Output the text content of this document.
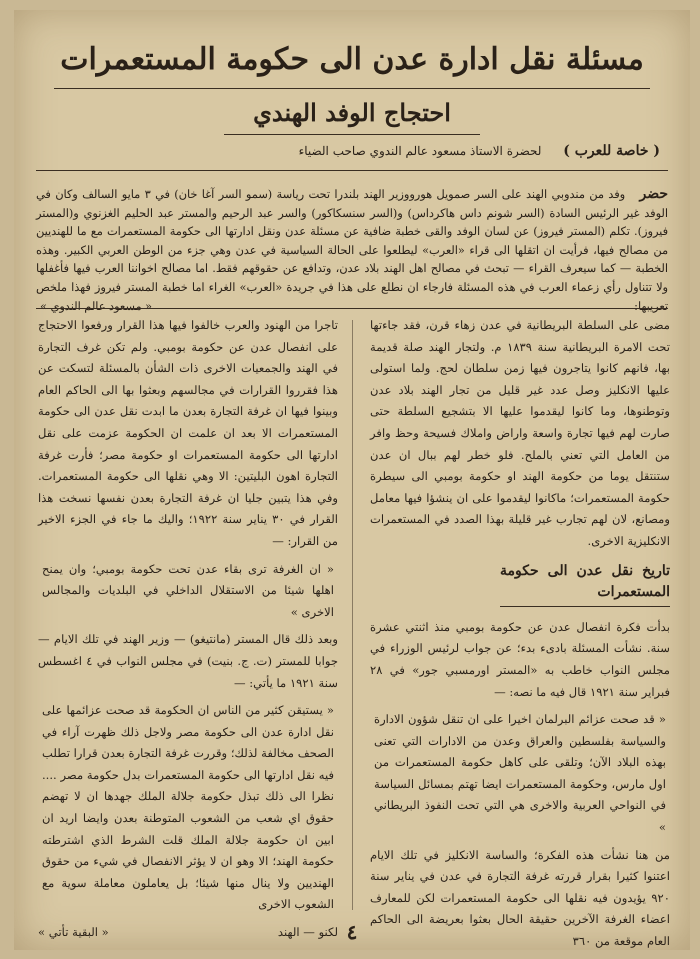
مسئلة نقل ادارة عدن الى حكومة المستعمرات
احتجاج الوفد الهندي
( خاصة للعرب ) لحضرة الاستاذ مسعود عالم الندوي صاحب الضياء
حضر وفد من مندوبي الهند على السر صمويل هورووزير الهند بلندرا تحت رياسة (سمو السر آغا خان) في ٣ مايو السالف وكان في الوفد غير الرئيس السادة (السر شونم داس هاكرداس) و(السر سنسكاكور) والسر عبد الرحيم والمستر عبد الحليم الغزنوي و(المستر فيروز). تكلم (المستر فيروز) عن لسان الوفد والقى خطبة ضافية عن مسئلة عدن ونقل ادارتها الى حكومة المستعمرات مع ما للهنديين من مصالح فيها، فرأيت ان اتقلها الى قراء «العرب» ليطلعوا على الحالة السياسية في عدن وهي جزء من الوطن العربي الكبير. وهذه الخطبة — كما سيعرف القراء — تبحث في مصالح اهل الهند بلاد عدن، وتدافع عن حقوقهم فقط. اما مصالح اخواننا العرب فيها فأغفلها ولا تتناول رأي زعماء العرب في هذه المسئلة فارجاء ان نطلع على هذا في جريدة «العرب» الغراء اما خطبة المستر فيروز فهذا ملخص تعريبها:
« مسعود عالم الندوي »

مضى على السلطة البريطانية في عدن زهاء قرن، فقد جاءتها تحت الامرة البريطانية سنة ١٨٣٩ م. ولتجار الهند صلة قديمة بها، فانهم كانوا يتاجرون فيها زمن سلطان لحج. ولما استولى عليها الانكليز وصل عدد غير قليل من تجار الهند بلاد عدن وتوطنوها، وما كانوا ليقدموا عليها الا بتشجيع السلطة حتى صارت لهم فيها تجارة واسعة واراض واملاك فسيحة وحظ وافر من العامل التي تعني بالملح. فلو خطر لهم ببال ان عدن ستنتقل يوما من حكومة الهند او حكومة بومبي الى سيطرة حكومة المستعمرات؛ ماكانوا ليقدموا على ان ينشؤا فيها معامل ومصانع، لان لهم تجارب غير قليلة بهذا الصدد في المستعمرات الانكليزية الاخرى.

تاريخ نقل عدن الى حكومة المستعمرات

بدأت فكرة انفصال عدن عن حكومة بومبي منذ اثنتي عشرة سنة. نشأت المسئلة بادىء بدء؛ عن جواب لرئيس الوزراء في مجلس النواب خاطب به «المستر اورمسبي جور» في ٢٨ فبراير سنة ١٩٢١ قال فيه ما نصه: —

« قد صحت عزائم البرلمان اخيرا على ان تنقل شؤون الادارة والسياسة بفلسطين والعراق وعدن من الادارات التي تعنى بهذه البلاد الآن؛ وتلقى على كاهل حكومة المستعمرات من اول مارس، وحكومة المستعمرات ايضا تهتم بمسائل السياسة في النواحي العربية والاخرى هي التي تحت النفوذ البريطاني »

من هنا نشأت هذه الفكرة؛ والساسة الانكليز في تلك الايام اعتنوا كثيرا بقرار قررته غرفة التجارة في عدن في يناير سنة ٩٢٠ يؤيدون فيه نقلها الى حكومة المستعمرات لكن للمعارف اعضاء الغرفة الآخرين حقيقة الحال بعثوا بعريضة الى الحاكم العام موقعة من ٣٦٠

تاجرا من الهنود والعرب خالفوا فيها هذا القرار ورفعوا الاحتجاج على انفصال عدن عن حكومة بومبي. ولم تكن غرف التجارة في الهند والجمعيات الاخرى ذات الشأن بالمسئلة لتسكت عن هذا فقرروا القرارات في مجالسهم وبعثوا بها الى الحاكم العام وبينوا فيها ان غرفة التجارة بعدن ما ابدت نقل عدن الى حكومة المستعمرات الا بعد ان علمت ان الحكومة عزمت على نقل ادارتها الى حكومة المستعمرات او حكومة مصر؛ فأرت غرفة التجارة اهون البليتين: الا وهي نقلها الى حكومة المستعمرات. وفي هذا يتبين جليا ان غرفة التجارة بعدن نفسها نسخت هذا القرار في ٣٠ يناير سنة ١٩٢٢؛ واليك ما جاء في الجزء الاخير من القرار: —

« ان الغرفة ترى بقاء عدن تحت حكومة بومبي؛ وان يمنح اهلها شيئا من الاستقلال الداخلي في البلديات والمجالس الاخرى »

وبعد ذلك قال المستر (مانتيغو) — وزير الهند في تلك الايام — جوابا للمستر (ت. ج. بنيت) في مجلس النواب في ٤ اغسطس سنة ١٩٢١ ما يأتي: —

« يستيقن كثير من الناس ان الحكومة قد صحت عزائمها على نقل ادارة عدن الى حكومة مصر ولاجل ذلك ظهرت آراء في الصحف مخالفة لذلك؛ وقررت غرفة التجارة بعدن قرارا تطلب فيه نقل ادارتها الى حكومة المستعمرات بدل حكومة مصر .... نظرا الى ذلك تبذل حكومة جلالة الملك جهدها ان لا تهضم حقوق اي شعب من الشعوب المتوطنة بعدن وايضا اريد ان ابين ان حكومة جلالة الملك قلت الشرط الذي اشترطته حكومة الهند؛ الا وهو ان لا يؤثر الانفصال في شيء من حقوق الهنديين ولا ينال منها شيئا؛ بل يعاملون معاملة سوية مع الشعوب الاخرى

لكنو — الهند
« البقية تأتي »	٤
